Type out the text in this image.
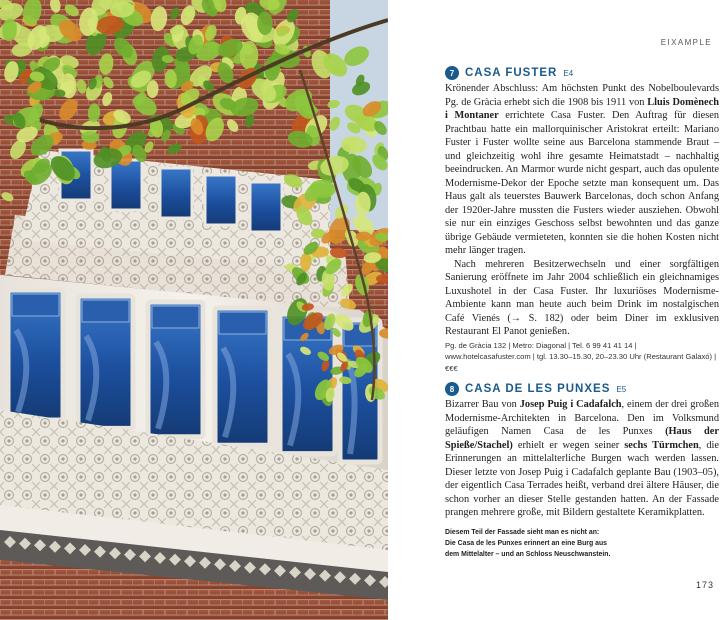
EIXAMPLE
7 CASA FUSTER E4

Krönender Abschluss: Am höchsten Punkt des Nobelboulevards Pg. de Gràcia erhebt sich die 1908 bis 1911 von Lluis Domènech i Montaner errichtete Casa Fuster. Den Auftrag für diesen Prachtbau hatte ein mallorquinischer Aristokrat erteilt: Mariano Fuster i Fuster wollte seine aus Barcelona stammende Braut – und gleichzeitig wohl ihre gesamte Heimatstadt – nachhaltig beeindrucken. An Marmor wurde nicht gespart, auch das opulente Modernisme-Dekor der Epoche setzte man konsequent um. Das Haus galt als teuerstes Bauwerk Barcelonas, doch schon Anfang der 1920er-Jahre mussten die Fusters wieder ausziehen. Obwohl sie nur ein einziges Geschoss selbst bewohnten und das ganze übrige Gebäude vermieteten, konnten sie die hohen Kosten nicht mehr länger tragen.

Nach mehreren Besitzerwechseln und einer sorgfältigen Sanierung eröffnete im Jahr 2004 schließlich ein gleichnamiges Luxushotel in der Casa Fuster. Ihr luxuriöses Modernisme-Ambiente kann man heute auch beim Drink im nostalgischen Café Vienés (→ S. 182) oder beim Diner im exklusiven Restaurant El Panot genießen.

Pg. de Gràcia 132 | Metro: Diagonal | Tel. 6 99 41 41 14 | www.hotelcasafuster.com | tgl. 13.30–15.30, 20–23.30 Uhr (Restaurant Galaxó) | €€€

8 CASA DE LES PUNXES E5

Bizarrer Bau von Josep Puig i Cadafalch, einem der drei großen Modernisme-Architekten in Barcelona. Den im Volksmund geläufigen Namen Casa de les Punxes (Haus der Spieße/Stachel) erhielt er wegen seiner sechs Türmchen, die Erinnerungen an mittelalterliche Burgen wach werden lassen. Dieser letzte von Josep Puig i Cadafalch geplante Bau (1903–05), der eigentlich Casa Terrades heißt, verband drei ältere Häuser, die schon vorher an dieser Stelle gestanden hatten. An der Fassade prangen mehrere große, mit Bildern gestaltete Keramikplatten.

Diesem Teil der Fassade sieht man es nicht an:
Die Casa de les Punxes erinnert an eine Burg aus
dem Mittelalter – und an Schloss Neuschwanstein.
173
